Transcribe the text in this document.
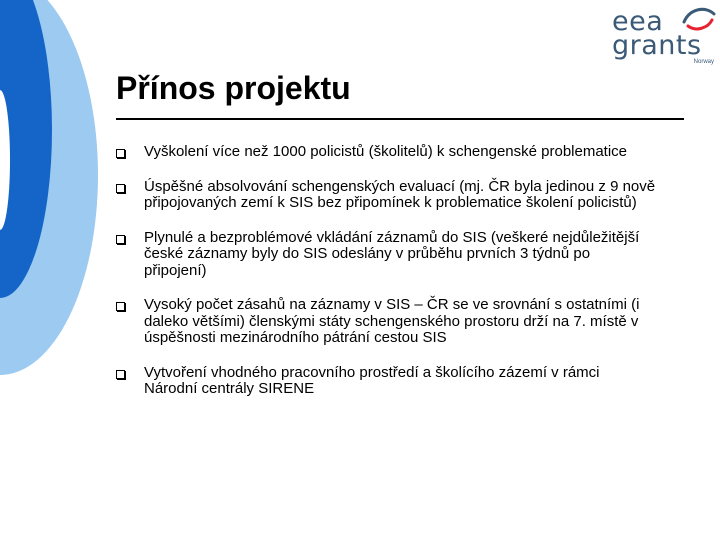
eea
grants
Norway
Přínos projektu
Vyškolení více než 1000 policistů (školitelů) k schengenské problematice
Úspěšné absolvování schengenských evaluací (mj. ČR byla jedinou z 9 nově připojovaných zemí k SIS bez připomínek k problematice školení policistů)
Plynulé a bezproblémové vkládání záznamů do SIS (veškeré nejdůležitější české záznamy byly do SIS odeslány v průběhu prvních 3 týdnů po připojení)
Vysoký počet zásahů na záznamy v SIS – ČR se ve srovnání s ostatními (i daleko většími) členskými státy schengenského prostoru drží na 7. místě v úspěšnosti mezinárodního pátrání cestou SIS
Vytvoření vhodného pracovního prostředí a školícího zázemí v rámci Národní centrály SIRENE
